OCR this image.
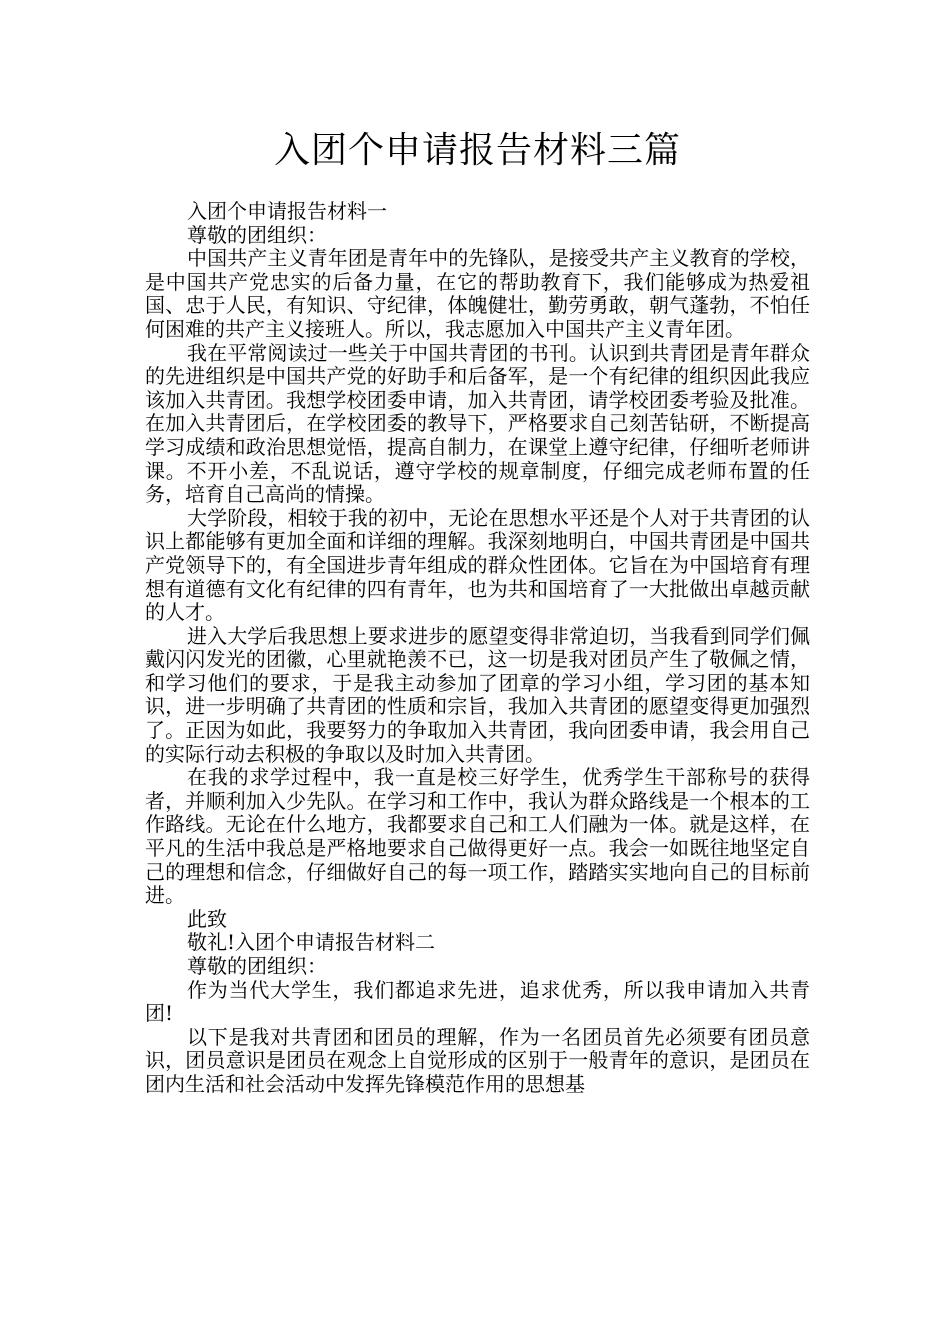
入团个申请报告材料三篇

入团个申请报告材料一

尊敬的团组织：

中国共产主义青年团是青年中的先锋队，是接受共产主义教育的学校，是中国共产党忠实的后备力量，在它的帮助教育下，我们能够成为热爱祖国、忠于人民，有知识、守纪律，体魄健壮，勤劳勇敢，朝气蓬勃，不怕任何困难的共产主义接班人。所以，我志愿加入中国共产主义青年团。

我在平常阅读过一些关于中国共青团的书刊。认识到共青团是青年群众的先进组织是中国共产党的好助手和后备军，是一个有纪律的组织因此我应该加入共青团。我想学校团委申请，加入共青团，请学校团委考验及批准。在加入共青团后，在学校团委的教导下，严格要求自己刻苦钻研，不断提高学习成绩和政治思想觉悟，提高自制力，在课堂上遵守纪律，仔细听老师讲课。不开小差，不乱说话，遵守学校的规章制度，仔细完成老师布置的任务，培育自己高尚的情操。

大学阶段，相较于我的初中，无论在思想水平还是个人对于共青团的认识上都能够有更加全面和详细的理解。我深刻地明白，中国共青团是中国共产党领导下的，有全国进步青年组成的群众性团体。它旨在为中国培育有理想有道德有文化有纪律的四有青年，也为共和国培育了一大批做出卓越贡献的人才。

进入大学后我思想上要求进步的愿望变得非常迫切，当我看到同学们佩戴闪闪发光的团徽，心里就艳羡不已，这一切是我对团员产生了敬佩之情，和学习他们的要求，于是我主动参加了团章的学习小组，学习团的基本知识，进一步明确了共青团的性质和宗旨，我加入共青团的愿望变得更加强烈了。正因为如此，我要努力的争取加入共青团，我向团委申请，我会用自己的实际行动去积极的争取以及时加入共青团。

在我的求学过程中，我一直是校三好学生，优秀学生干部称号的获得者，并顺利加入少先队。在学习和工作中，我认为群众路线是一个根本的工作路线。无论在什么地方，我都要求自己和工人们融为一体。就是这样，在平凡的生活中我总是严格地要求自己做得更好一点。我会一如既往地坚定自己的理想和信念，仔细做好自己的每一项工作，踏踏实实地向自己的目标前进。

此致

敬礼!入团个申请报告材料二

尊敬的团组织：

作为当代大学生，我们都追求先进，追求优秀，所以我申请加入共青团!

以下是我对共青团和团员的理解，作为一名团员首先必须要有团员意识，团员意识是团员在观念上自觉形成的区别于一般青年的意识，是团员在团内生活和社会活动中发挥先锋模范作用的思想基
